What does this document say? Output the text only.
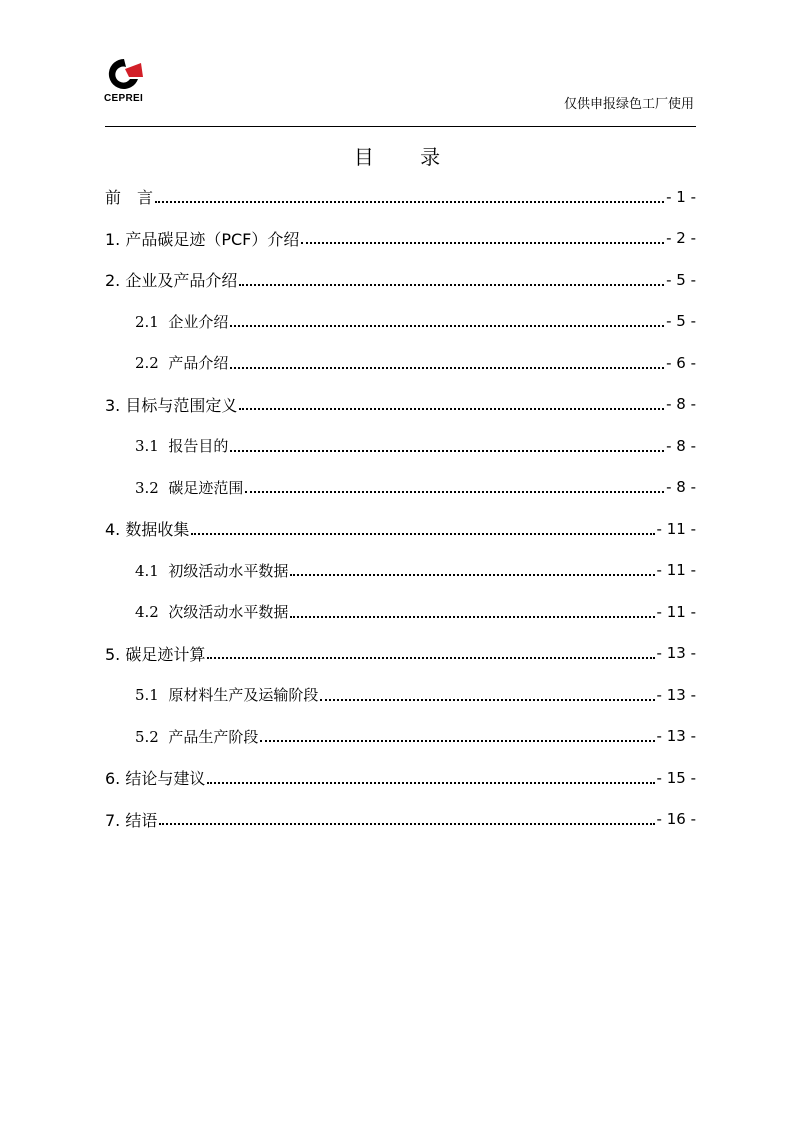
CEPREI	仅供申报绿色工厂使用
目 录
前　言	- 1 -
1. 产品碳足迹（PCF）介绍	- 2 -
2. 企业及产品介绍	- 5 -
2.1  企业介绍	- 5 -
2.2  产品介绍	- 6 -
3. 目标与范围定义	- 8 -
3.1  报告目的	- 8 -
3.2  碳足迹范围	- 8 -
4. 数据收集	- 11 -
4.1  初级活动水平数据	- 11 -
4.2  次级活动水平数据	- 11 -
5. 碳足迹计算	- 13 -
5.1  原材料生产及运输阶段	- 13 -
5.2  产品生产阶段	- 13 -
6. 结论与建议	- 15 -
7. 结语	- 16 -
